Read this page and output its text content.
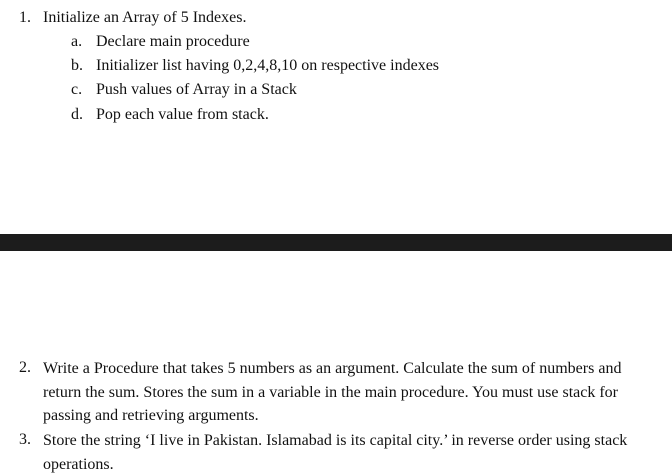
1. Initialize an Array of 5 Indexes.
a. Declare main procedure
b. Initializer list having 0,2,4,8,10 on respective indexes
c. Push values of Array in a Stack
d. Pop each value from stack.
2. Write a Procedure that takes 5 numbers as an argument. Calculate the sum of numbers and return the sum. Stores the sum in a variable in the main procedure. You must use stack for passing and retrieving arguments.
3. Store the string ‘I live in Pakistan. Islamabad is its capital city.’ in reverse order using stack operations.
